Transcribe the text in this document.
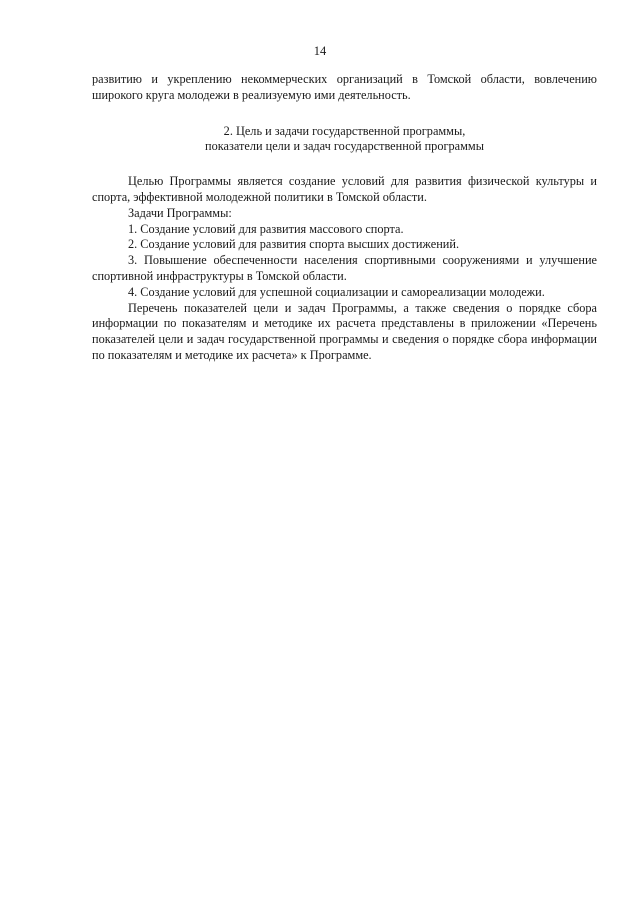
14

развитию и укреплению некоммерческих организаций в Томской области, вовлечению широкого круга молодежи в реализуемую ими деятельность.

2. Цель и задачи государственной программы,
показатели цели и задач государственной программы

Целью Программы является создание условий для развития физической культуры и спорта, эффективной молодежной политики в Томской области.

Задачи Программы:

1. Создание условий для развития массового спорта.

2. Создание условий для развития спорта высших достижений.

3. Повышение обеспеченности населения спортивными сооружениями и улучшение спортивной инфраструктуры в Томской области.

4. Создание условий для успешной социализации и самореализации молодежи.

Перечень показателей цели и задач Программы, а также сведения о порядке сбора информации по показателям и методике их расчета представлены в приложении «Перечень показателей цели и задач государственной программы и сведения о порядке сбора информации по показателям и методике их расчета» к Программе.
